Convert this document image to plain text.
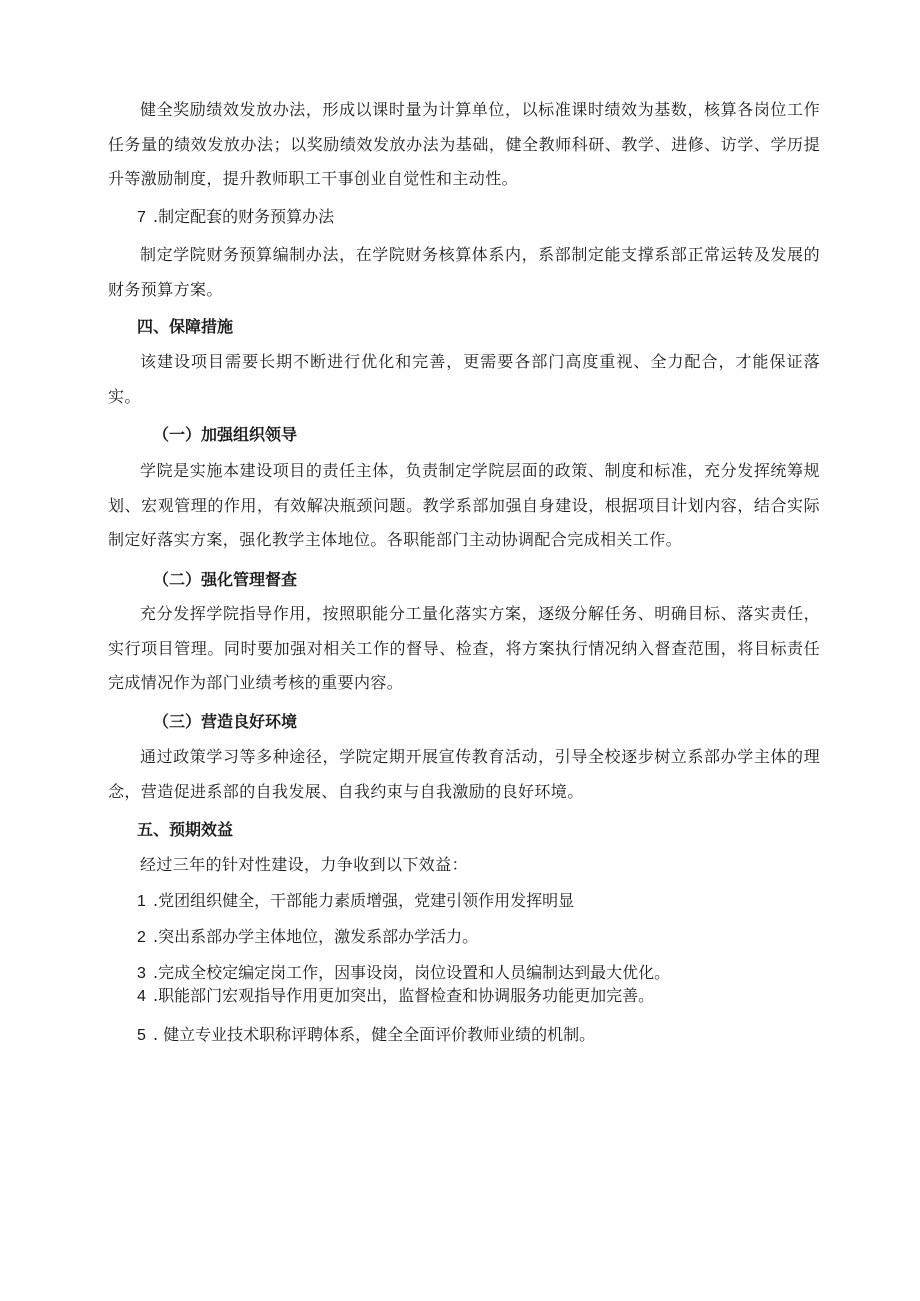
健全奖励绩效发放办法，形成以课时量为计算单位，以标准课时绩效为基数，核算各岗位工作任务量的绩效发放办法；以奖励绩效发放办法为基础，健全教师科研、教学、进修、访学、学历提升等激励制度，提升教师职工干事创业自觉性和主动性。
7 .制定配套的财务预算办法
制定学院财务预算编制办法，在学院财务核算体系内，系部制定能支撑系部正常运转及发展的财务预算方案。
四、保障措施
该建设项目需要长期不断进行优化和完善，更需要各部门高度重视、全力配合，才能保证落实。
（一）加强组织领导
学院是实施本建设项目的责任主体，负责制定学院层面的政策、制度和标准，充分发挥统筹规划、宏观管理的作用，有效解决瓶颈问题。教学系部加强自身建设，根据项目计划内容，结合实际制定好落实方案，强化教学主体地位。各职能部门主动协调配合完成相关工作。
（二）强化管理督查
充分发挥学院指导作用，按照职能分工量化落实方案，逐级分解任务、明确目标、落实责任，实行项目管理。同时要加强对相关工作的督导、检查，将方案执行情况纳入督查范围，将目标责任完成情况作为部门业绩考核的重要内容。
（三）营造良好环境
通过政策学习等多种途径，学院定期开展宣传教育活动，引导全校逐步树立系部办学主体的理念，营造促进系部的自我发展、自我约束与自我激励的良好环境。
五、预期效益
经过三年的针对性建设，力争收到以下效益：
1 .党团组织健全，干部能力素质增强，党建引领作用发挥明显
2 .突出系部办学主体地位，激发系部办学活力。
3 .完成全校定编定岗工作，因事设岗，岗位设置和人员编制达到最大优化。
4 .职能部门宏观指导作用更加突出，监督检查和协调服务功能更加完善。
5 . 健立专业技术职称评聘体系，健全全面评价教师业绩的机制。
